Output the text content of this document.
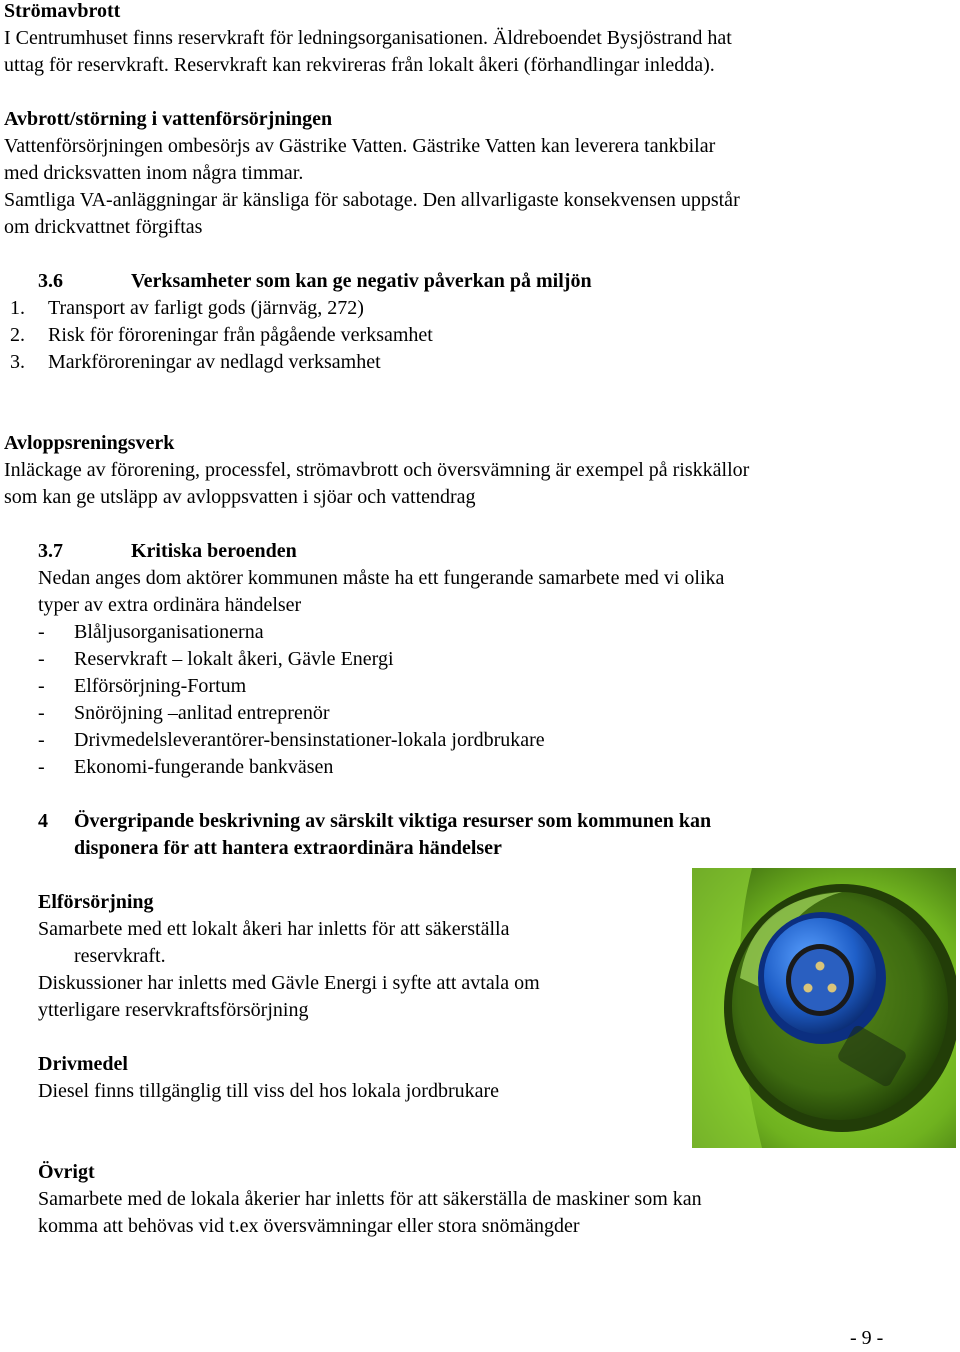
Strömavbrott
I Centrumhuset finns reservkraft för ledningsorganisationen. Äldreboendet Bysjöstrand hat
uttag för reservkraft. Reservkraft kan rekvireras från lokalt åkeri (förhandlingar inledda).
Avbrott/störning i vattenförsörjningen
Vattenförsörjningen ombesörjs av Gästrike Vatten. Gästrike Vatten kan leverera tankbilar
med dricksvatten inom några timmar.
Samtliga VA-anläggningar är känsliga för sabotage. Den allvarligaste konsekvensen uppstår
om drickvattnet förgiftas
3.6	Verksamheter som kan ge negativ påverkan på miljön
1. Transport av farligt gods (järnväg, 272)
2. Risk för föroreningar från pågående verksamhet
3. Markföroreningar av nedlagd verksamhet
Avloppsreningsverk
Inläckage av förorening, processfel, strömavbrott och översvämning är exempel på riskkällor
som kan ge utsläpp av avloppsvatten i sjöar och vattendrag
3.7	Kritiska beroenden
Nedan anges dom aktörer kommunen måste ha ett fungerande samarbete med vi olika
typer av extra ordinära händelser
- Blåljusorganisationerna
- Reservkraft – lokalt åkeri, Gävle Energi
- Elförsörjning-Fortum
- Snöröjning –anlitad entreprenör
- Drivmedelsleverantörer-bensinstationer-lokala jordbrukare
- Ekonomi-fungerande bankväsen
4 Övergripande beskrivning av särskilt viktiga resurser som kommunen kan
disponera för att hantera extraordinära händelser
Elförsörjning
Samarbete med ett lokalt åkeri har inletts för att säkerställa
reservkraft.
Diskussioner har inletts med Gävle Energi i syfte att avtala om
ytterligare reservkraftsförsörjning
Drivmedel
Diesel finns tillgänglig till viss del hos lokala jordbrukare
Övrigt
Samarbete med de lokala åkerier har inletts för att säkerställa de maskiner som kan
komma att behövas vid t.ex översvämningar eller stora snömängder
- 9 -
